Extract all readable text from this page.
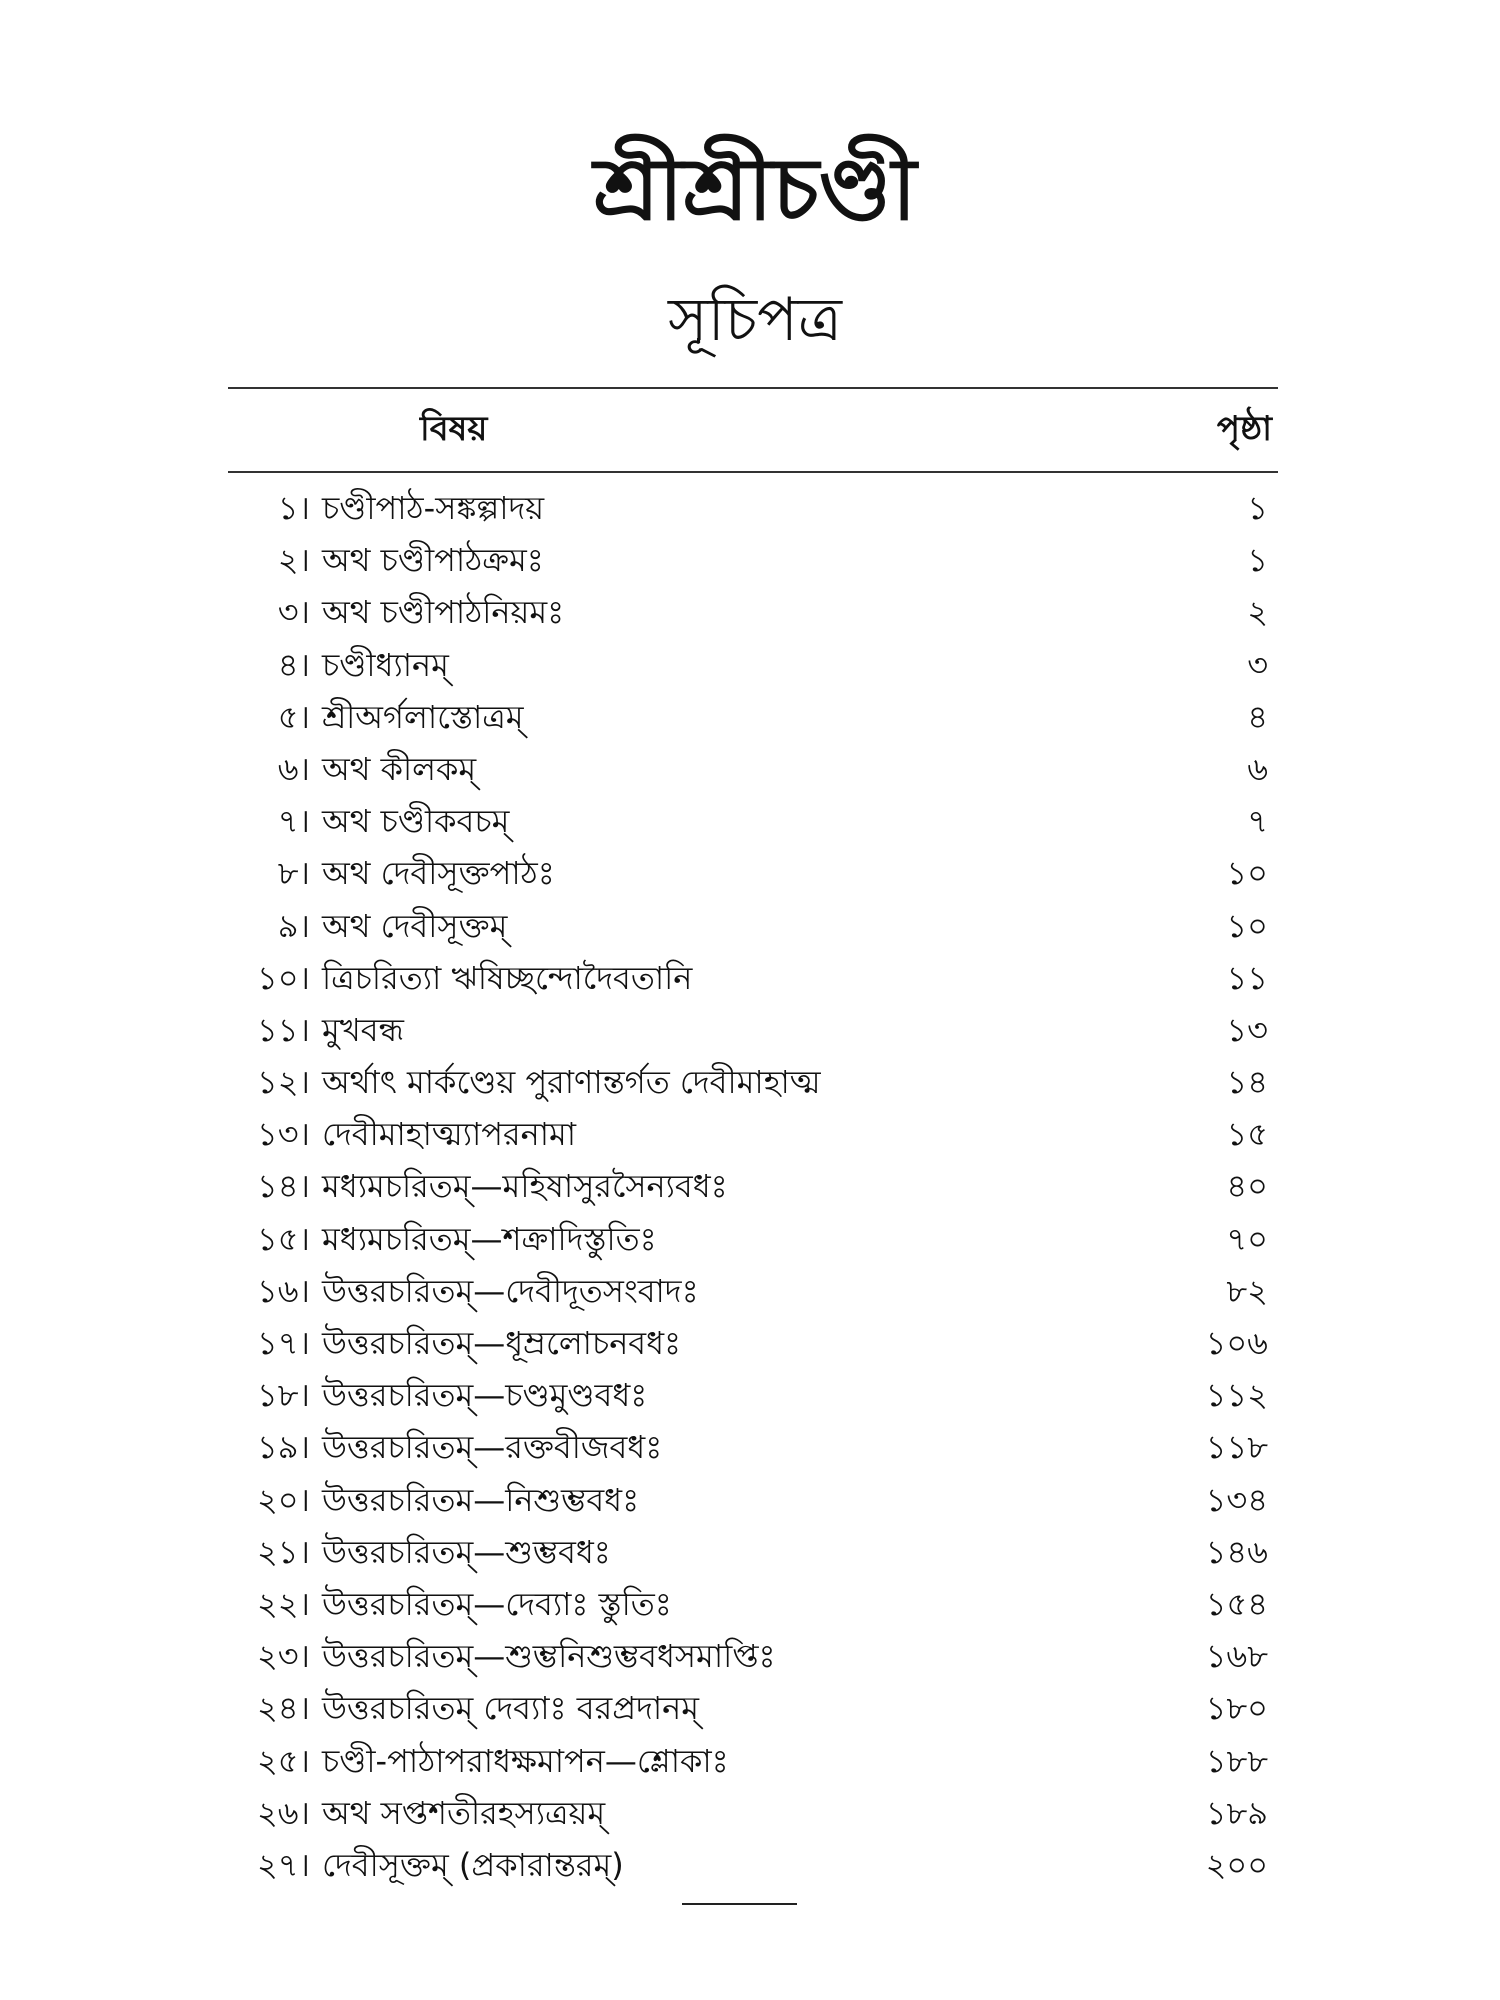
শ্রীশ্রীচণ্ডী
সূচিপত্র
বিষয়	পৃষ্ঠা
১। চণ্ডীপাঠ-সঙ্কল্পাদয়	১
২। অথ চণ্ডীপাঠক্রমঃ	১
৩। অথ চণ্ডীপাঠনিয়মঃ	২
৪। চণ্ডীধ্যানম্	৩
৫। শ্রীঅর্গলাস্তোত্রম্	৪
৬। অথ কীলকম্	৬
৭। অথ চণ্ডীকবচম্	৭
৮। অথ দেবীসূক্তপাঠঃ	১০
৯। অথ দেবীসূক্তম্	১০
১০। ত্রিচরিত্যা ঋষিচ্ছন্দোদৈবতানি	১১
১১। মুখবন্ধ	১৩
১২। অর্থাৎ মার্কণ্ডেয় পুরাণান্তর্গত দেবীমাহাত্ম	১৪
১৩। দেবীমাহাত্ম্যাপরনামা	১৫
১৪। মধ্যমচরিতম্—মহিষাসুরসৈন্যবধঃ	৪০
১৫। মধ্যমচরিতম্—শক্রাদিস্তুতিঃ	৭০
১৬। উত্তরচরিতম্—দেবীদূতসংবাদঃ	৮২
১৭। উত্তরচরিতম্—ধূম্রলোচনবধঃ	১০৬
১৮। উত্তরচরিতম্—চণ্ডমুণ্ডবধঃ	১১২
১৯। উত্তরচরিতম্—রক্তবীজবধঃ	১১৮
২০। উত্তরচরিতম—নিশুম্ভবধঃ	১৩৪
২১। উত্তরচরিতম্—শুম্ভবধঃ	১৪৬
২২। উত্তরচরিতম্—দেব্যাঃ স্তুতিঃ	১৫৪
২৩। উত্তরচরিতম্—শুম্ভনিশুম্ভবধসমাপ্তিঃ	১৬৮
২৪। উত্তরচরিতম্ দেব্যাঃ বরপ্রদানম্	১৮০
২৫। চণ্ডী-পাঠাপরাধক্ষমাপন—শ্লোকাঃ	১৮৮
২৬। অথ সপ্তশতীরহস্যত্রয়ম্	১৮৯
২৭। দেবীসূক্তম্ (প্রকারান্তরম্)	২০০
